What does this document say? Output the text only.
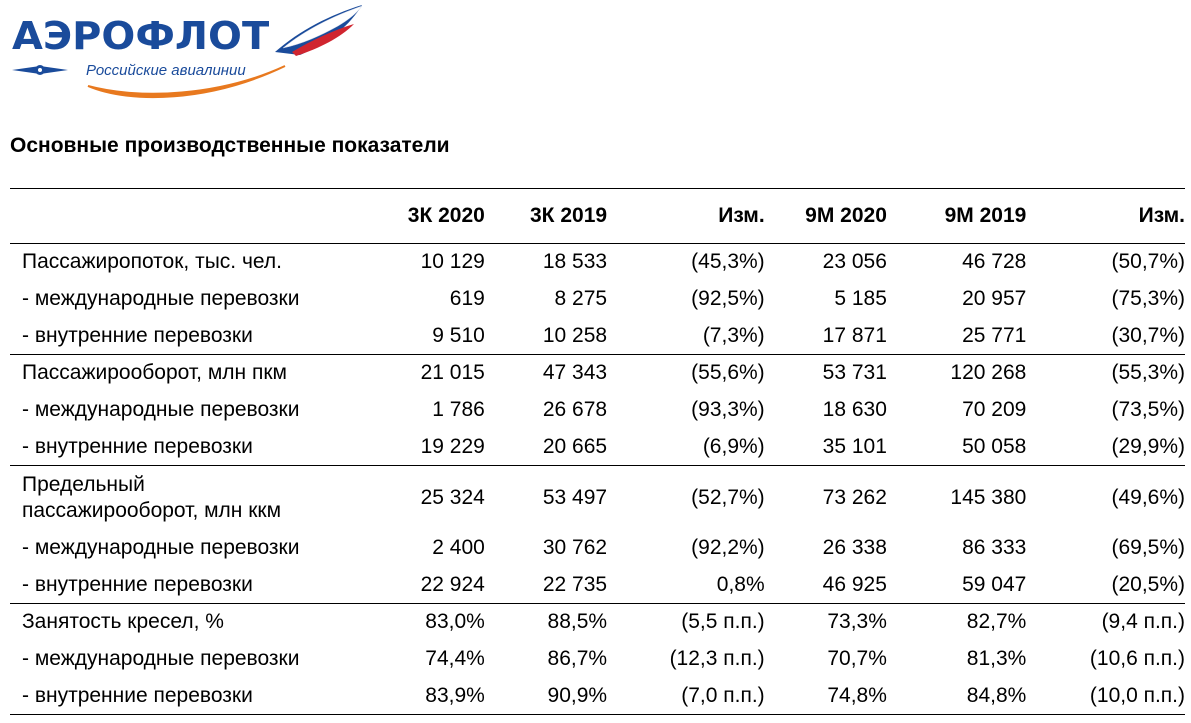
АЭРОФЛОТ
Российские авиалинии
Основные производственные показатели
	3К 2020	3К 2019	Изм.	9М 2020	9М 2019	Изм.
Пассажиропоток, тыс. чел.	10 129	18 533	(45,3%)	23 056	46 728	(50,7%)
- международные перевозки	619	8 275	(92,5%)	5 185	20 957	(75,3%)
- внутренние перевозки	9 510	10 258	(7,3%)	17 871	25 771	(30,7%)
Пассажирооборот, млн пкм	21 015	47 343	(55,6%)	53 731	120 268	(55,3%)
- международные перевозки	1 786	26 678	(93,3%)	18 630	70 209	(73,5%)
- внутренние перевозки	19 229	20 665	(6,9%)	35 101	50 058	(29,9%)
Предельный
пассажирооборот, млн ккм	25 324	53 497	(52,7%)	73 262	145 380	(49,6%)
- международные перевозки	2 400	30 762	(92,2%)	26 338	86 333	(69,5%)
- внутренние перевозки	22 924	22 735	0,8%	46 925	59 047	(20,5%)
Занятость кресел, %	83,0%	88,5%	(5,5 п.п.)	73,3%	82,7%	(9,4 п.п.)
- международные перевозки	74,4%	86,7%	(12,3 п.п.)	70,7%	81,3%	(10,6 п.п.)
- внутренние перевозки	83,9%	90,9%	(7,0 п.п.)	74,8%	84,8%	(10,0 п.п.)
